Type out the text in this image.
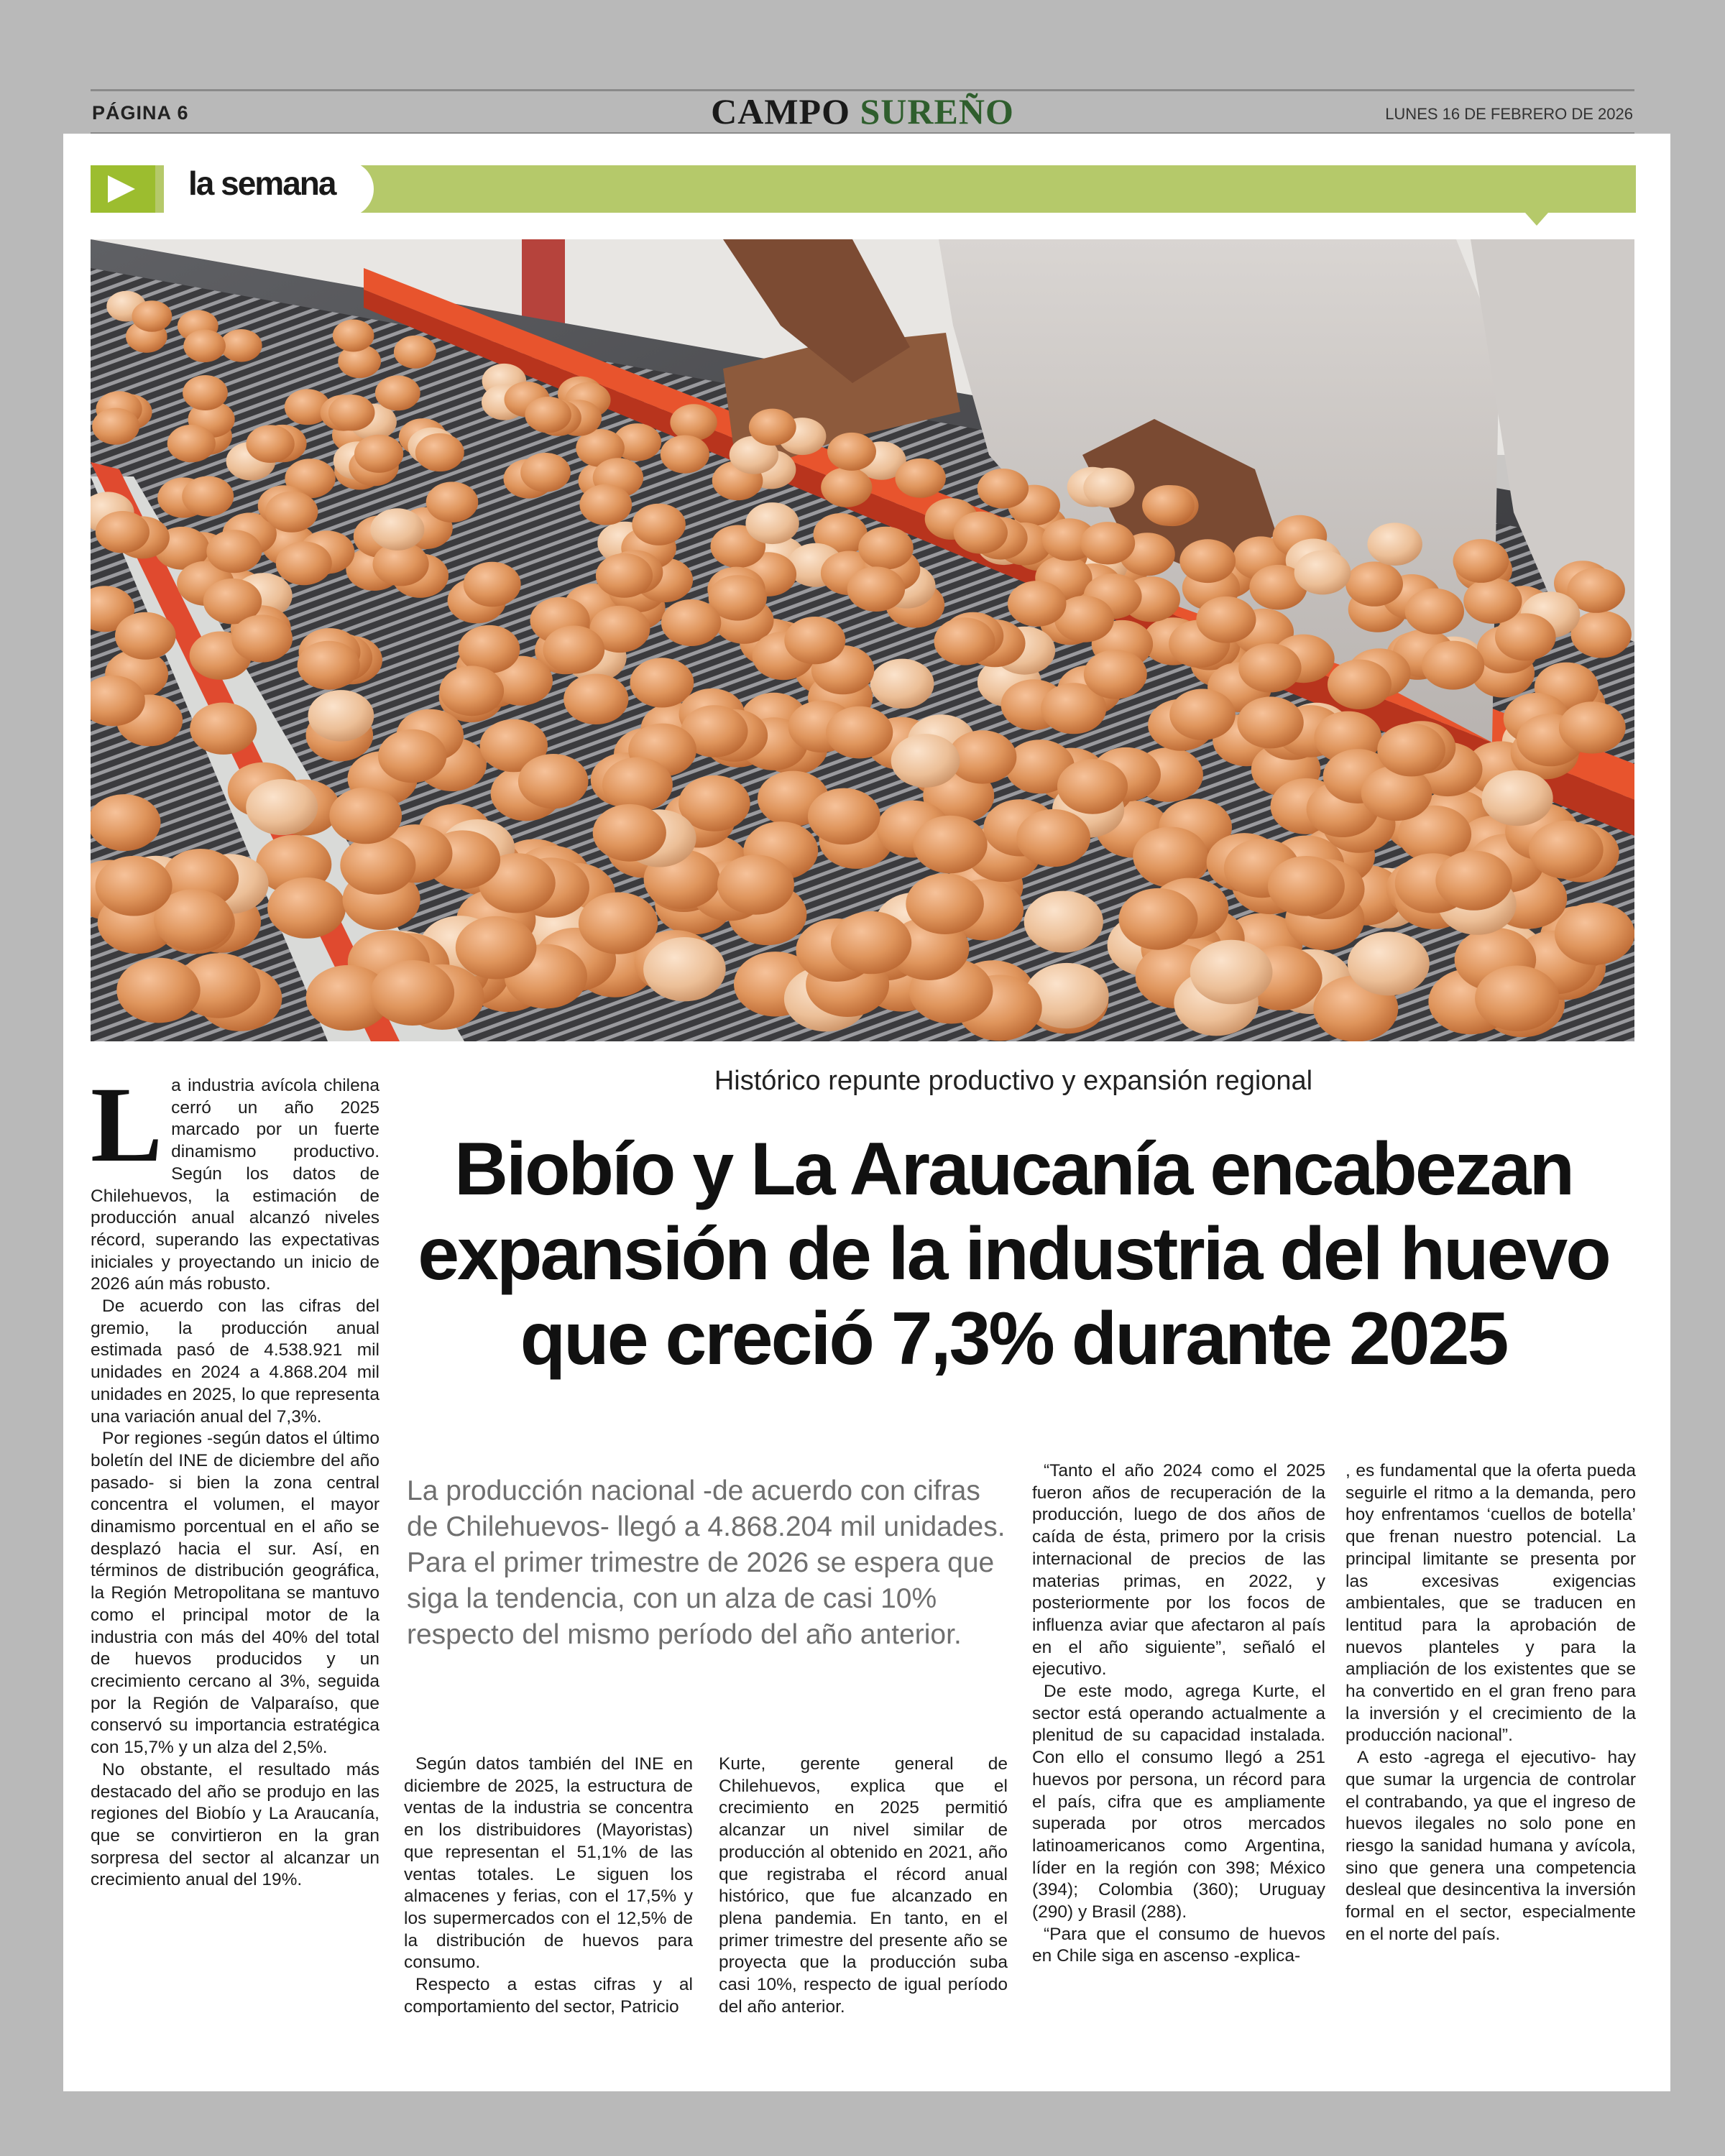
PÁGINA 6	CAMPO SUREÑO	LUNES 16 DE FEBRERO DE 2026
la semana
Histórico repunte productivo y expansión regional
Biobío y La Araucanía encabezan
expansión de la industria del huevo
que creció 7,3% durante 2025
La producción nacional -de acuerdo con cifras de Chilehuevos- llegó a 4.868.204 mil unidades. Para el primer trimestre de 2026 se espera que siga la tendencia, con un alza de casi 10% respecto del mismo período del año anterior.

La industria avícola chilena cerró un año 2025 marcado por un fuerte dinamismo productivo. Según los datos de Chilehuevos, la estimación de producción anual alcanzó niveles récord, superando las expectativas iniciales y proyectando un inicio de 2026 aún más robusto.

De acuerdo con las cifras del gremio, la producción anual estimada pasó de 4.538.921 mil unidades en 2024 a 4.868.204 mil unidades en 2025, lo que representa una variación anual del 7,3%.

Por regiones -según datos el último boletín del INE de diciembre del año pasado- si bien la zona central concentra el volumen, el mayor dinamismo porcentual en el año se desplazó hacia el sur. Así, en términos de distribución geográfica, la Región Metropolitana se mantuvo como el principal motor de la industria con más del 40% del total de huevos producidos y un crecimiento cercano al 3%, seguida por la Región de Valparaíso, que conservó su importancia estratégica con 15,7% y un alza del 2,5%.

No obstante, el resultado más destacado del año se produjo en las regiones del Biobío y La Araucanía, que se convirtieron en la gran sorpresa del sector al alcanzar un crecimiento anual del 19%.

Según datos también del INE en diciembre de 2025, la estructura de ventas de la industria se concentra en los distribuidores (Mayoristas) que representan el 51,1% de las ventas totales. Le siguen los almacenes y ferias, con el 17,5% y los supermercados con el 12,5% de la distribución de huevos para consumo.

Respecto a estas cifras y al comportamiento del sector, Patricio

Kurte, gerente general de Chilehuevos, explica que el crecimiento en 2025 permitió alcanzar un nivel similar de producción al obtenido en 2021, año que registraba el récord anual histórico, que fue alcanzado en plena pandemia. En tanto, en el primer trimestre del presente año se proyecta que la producción suba casi 10%, respecto de igual período del año anterior.

“Tanto el año 2024 como el 2025 fueron años de recuperación de la producción, luego de dos años de caída de ésta, primero por la crisis internacional de precios de las materias primas, en 2022, y posteriormente por los focos de influenza aviar que afectaron al país en el año siguiente”, señaló el ejecutivo.

De este modo, agrega Kurte, el sector está operando actualmente a plenitud de su capacidad instalada. Con ello el consumo llegó a 251 huevos por persona, un récord para el país, cifra que es ampliamente superada por otros mercados latinoamericanos como Argentina, líder en la región con 398; México (394); Colombia (360); Uruguay (290) y Brasil (288).

“Para que el consumo de huevos en Chile siga en ascenso -explica-

, es fundamental que la oferta pueda seguirle el ritmo a la demanda, pero hoy enfrentamos ‘cuellos de botella’ que frenan nuestro potencial. La principal limitante se presenta por las excesivas exigencias ambientales, que se traducen en lentitud para la aprobación de nuevos planteles y para la ampliación de los existentes que se ha convertido en el gran freno para la inversión y el crecimiento de la producción nacional”.

A esto -agrega el ejecutivo- hay que sumar la urgencia de controlar el contrabando, ya que el ingreso de huevos ilegales no solo pone en riesgo la sanidad humana y avícola, sino que genera una competencia desleal que desincentiva la inversión formal en el sector, especialmente en el norte del país.
